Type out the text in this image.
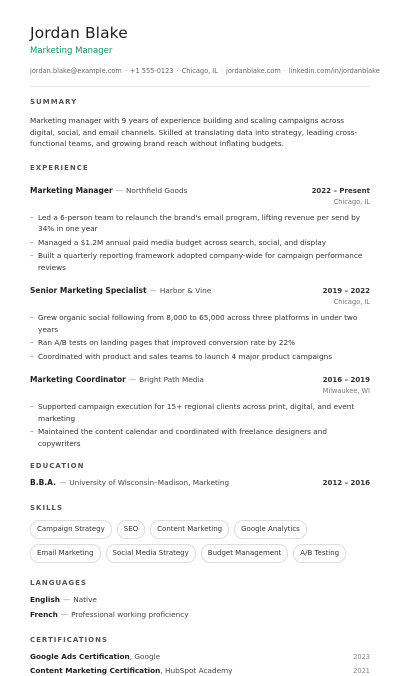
Jordan Blake
Marketing Manager
jordan.blake@example.com · +1 555-0123 · Chicago, IL · jordanblake.com · linkedin.com/in/jordanblake
SUMMARY
Marketing manager with 9 years of experience building and scaling campaigns across digital, social, and email channels. Skilled at translating data into strategy, leading cross-functional teams, and growing brand reach without inflating budgets.
EXPERIENCE
Marketing Manager — Northfield Goods	2022 – Present
Chicago, IL
– Led a 6-person team to relaunch the brand's email program, lifting revenue per send by 34% in one year
– Managed a $1.2M annual paid media budget across search, social, and display
– Built a quarterly reporting framework adopted company-wide for campaign performance reviews
Senior Marketing Specialist — Harbor & Vine	2019 – 2022
Chicago, IL
– Grew organic social following from 8,000 to 65,000 across three platforms in under two years
– Ran A/B tests on landing pages that improved conversion rate by 22%
– Coordinated with product and sales teams to launch 4 major product campaigns
Marketing Coordinator — Bright Path Media	2016 – 2019
Milwaukee, WI
– Supported campaign execution for 15+ regional clients across print, digital, and event marketing
– Maintained the content calendar and coordinated with freelance designers and copywriters
EDUCATION
B.B.A. — University of Wisconsin–Madison, Marketing	2012 – 2016
SKILLS
Campaign Strategy	SEO	Content Marketing	Google Analytics
Email Marketing	Social Media Strategy	Budget Management	A/B Testing
LANGUAGES
English — Native
French — Professional working proficiency
CERTIFICATIONS
Google Ads Certification, Google	2023
Content Marketing Certification, HubSpot Academy	2021
